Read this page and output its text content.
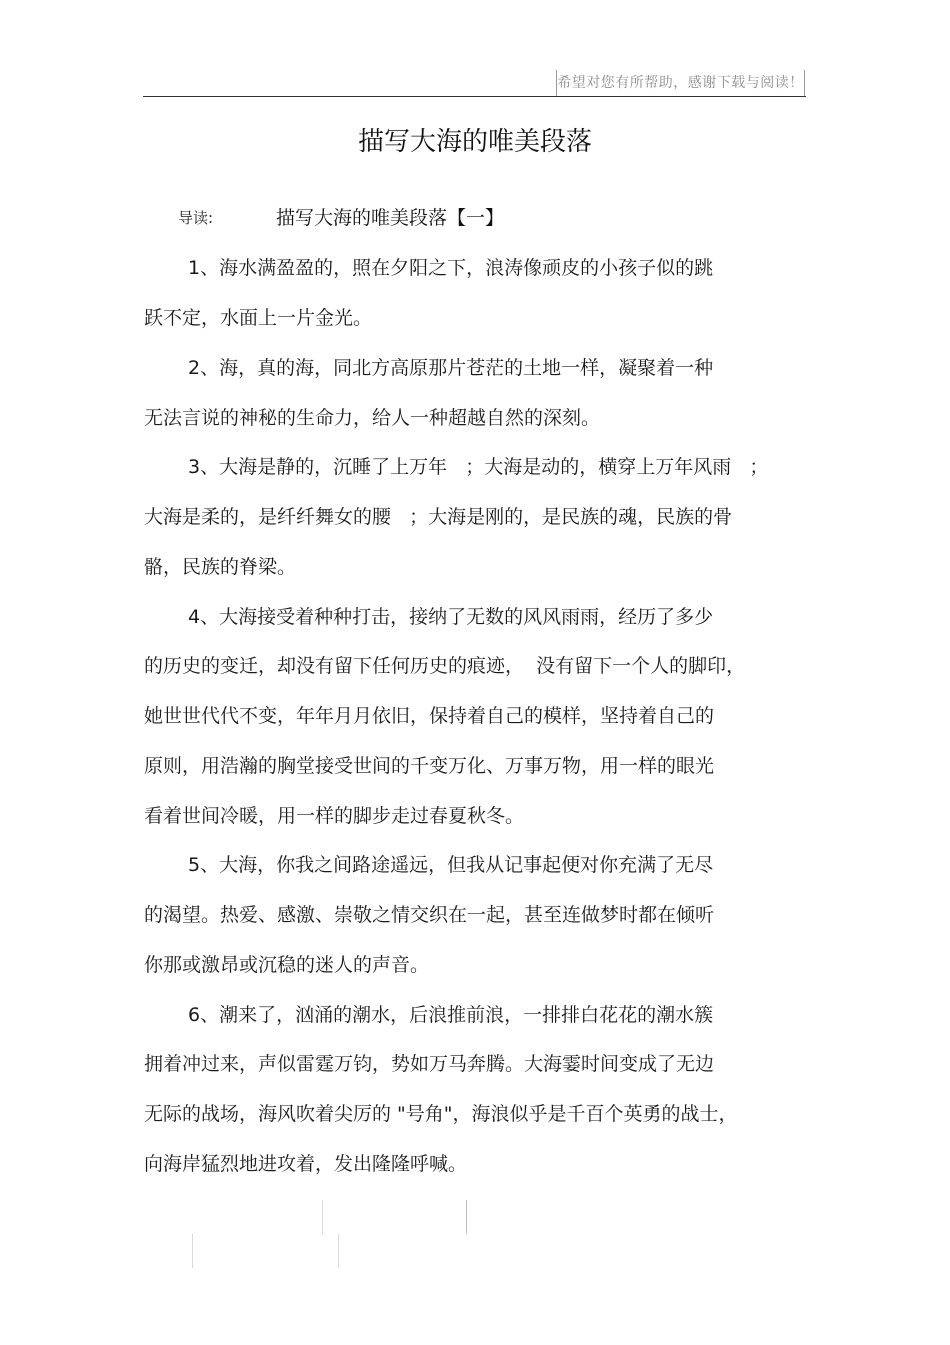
希望对您有所帮助，感谢下载与阅读！
描写大海的唯美段落
导读:	描写大海的唯美段落【一】
1、海水满盈盈的，照在夕阳之下，浪涛像顽皮的小孩子似的跳
跃不定，水面上一片金光。
2、海，真的海，同北方高原那片苍茫的土地一样，凝聚着一种
无法言说的神秘的生命力，给人一种超越自然的深刻。
3、大海是静的，沉睡了上万年   ；大海是动的，横穿上万年风雨   ；
大海是柔的，是纤纤舞女的腰   ；大海是刚的，是民族的魂，民族的骨
骼，民族的脊梁。
4、大海接受着种种打击，接纳了无数的风风雨雨，经历了多少
的历史的变迁，却没有留下任何历史的痕迹，  没有留下一个人的脚印，
她世世代代不变，年年月月依旧，保持着自己的模样，坚持着自己的
原则，用浩瀚的胸堂接受世间的千变万化、万事万物，用一样的眼光
看着世间冷暖，用一样的脚步走过春夏秋冬。
5、大海，你我之间路途遥远，但我从记事起便对你充满了无尽
的渴望。热爱、感激、崇敬之情交织在一起，甚至连做梦时都在倾听
你那或激昂或沉稳的迷人的声音。
6、潮来了，汹涌的潮水，后浪推前浪，一排排白花花的潮水簇
拥着冲过来，声似雷霆万钧，势如万马奔腾。大海霎时间变成了无边
无际的战场，海风吹着尖厉的 "号角"，海浪似乎是千百个英勇的战士，
向海岸猛烈地进攻着，发出隆隆呼喊。
